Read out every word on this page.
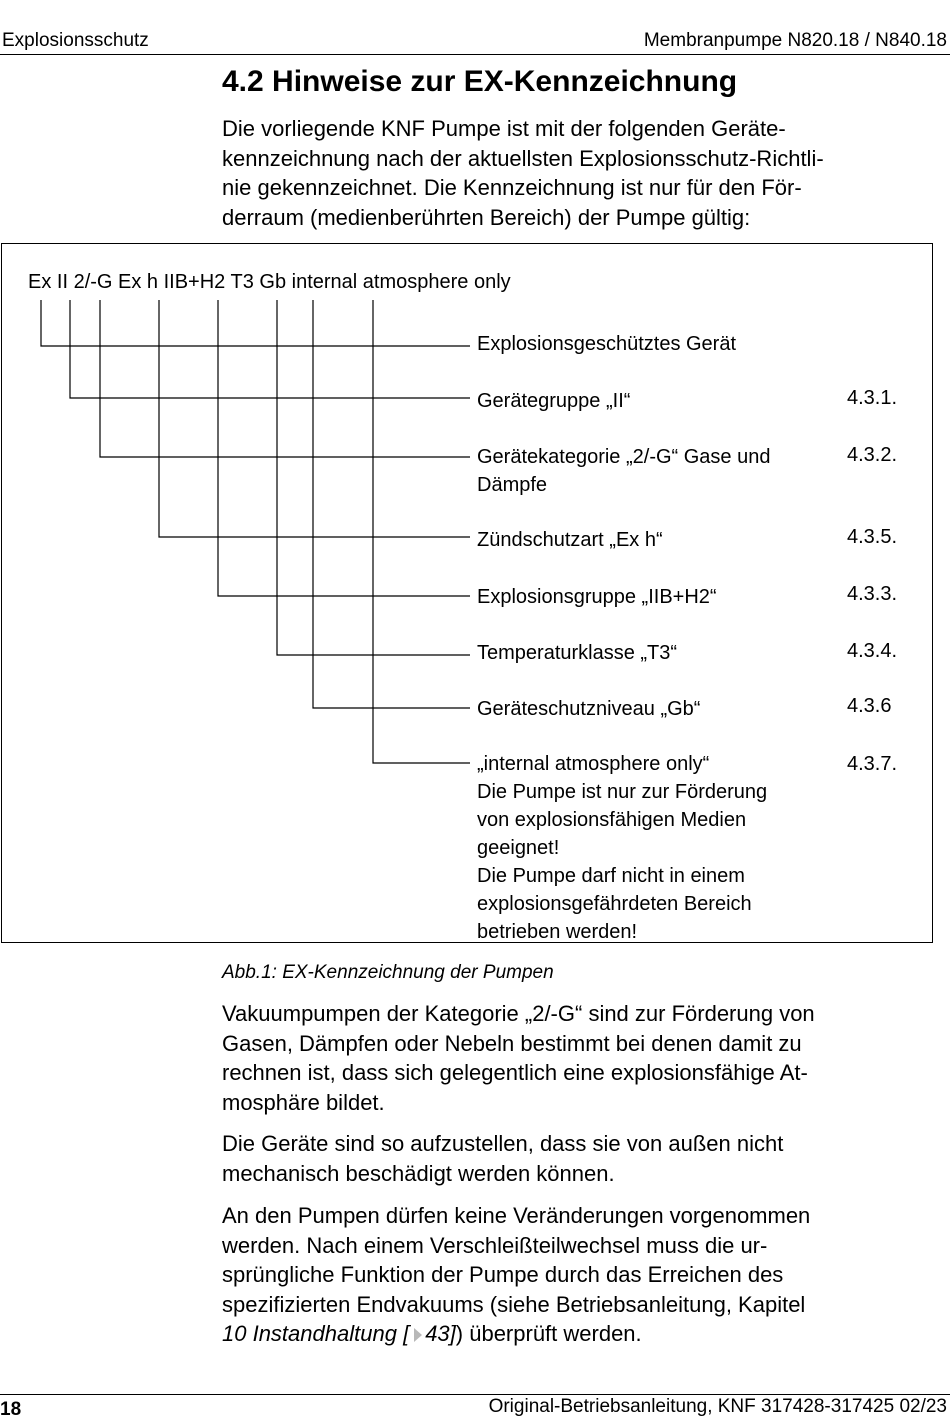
Explosionsschutz	Membranpumpe N820.18 / N840.18
4.2 Hinweise zur EX-Kennzeichnung

Die vorliegende KNF Pumpe ist mit der folgenden Geräte-
kennzeichnung nach der aktuellsten Explosionsschutz-Richtli-
nie gekennzeichnet. Die Kennzeichnung ist nur für den För-
derraum (medienberührten Bereich) der Pumpe gültig:

Ex II 2/-G Ex h IIB+H2 T3 Gb internal atmosphere only
Explosionsgeschütztes Gerät
Gerätegruppe „II“	4.3.1.
Gerätekategorie „2/-G“ Gase und
Dämpfe
4.3.2.
Zündschutzart „Ex h“	4.3.5.
Explosionsgruppe „IIB+H2“	4.3.3.
Temperaturklasse „T3“	4.3.4.
Geräteschutzniveau „Gb“	4.3.6
„internal atmosphere only“
Die Pumpe ist nur zur Förderung
von explosionsfähigen Medien
geeignet!
Die Pumpe darf nicht in einem
explosionsgefährdeten Bereich
betrieben werden!
4.3.7.
Abb.1: EX-Kennzeichnung der Pumpen

Vakuumpumpen der Kategorie „2/-G“ sind zur Förderung von
Gasen, Dämpfen oder Nebeln bestimmt bei denen damit zu
rechnen ist, dass sich gelegentlich eine explosionsfähige At-
mosphäre bildet.

Die Geräte sind so aufzustellen, dass sie von außen nicht
mechanisch beschädigt werden können.

An den Pumpen dürfen keine Veränderungen vorgenommen
werden. Nach einem Verschleißteilwechsel muss die ur-
sprüngliche Funktion der Pumpe durch das Erreichen des
spezifizierten Endvakuums (siehe Betriebsanleitung, Kapitel
10 Instandhaltung [ 43]) überprüft werden.

18	Original-Betriebsanleitung, KNF 317428-317425 02/23
